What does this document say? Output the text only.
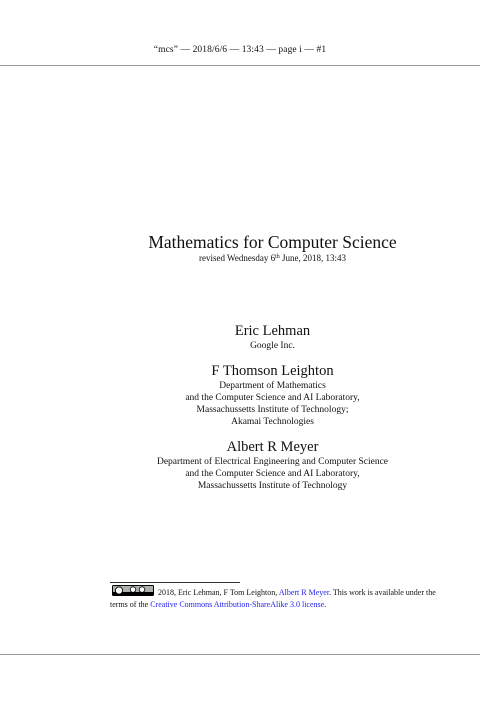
“mcs” — 2018/6/6 — 13:43 — page i — #1
Mathematics for Computer Science
revised Wednesday 6th June, 2018, 13:43
Eric Lehman
Google Inc.
F Thomson Leighton
Department of Mathematics
and the Computer Science and AI Laboratory,
Massachussetts Institute of Technology;
Akamai Technologies
Albert R Meyer
Department of Electrical Engineering and Computer Science
and the Computer Science and AI Laboratory,
Massachussetts Institute of Technology
2018, Eric Lehman, F Tom Leighton, Albert R Meyer. This work is available under the terms of the Creative Commons Attribution-ShareAlike 3.0 license.
